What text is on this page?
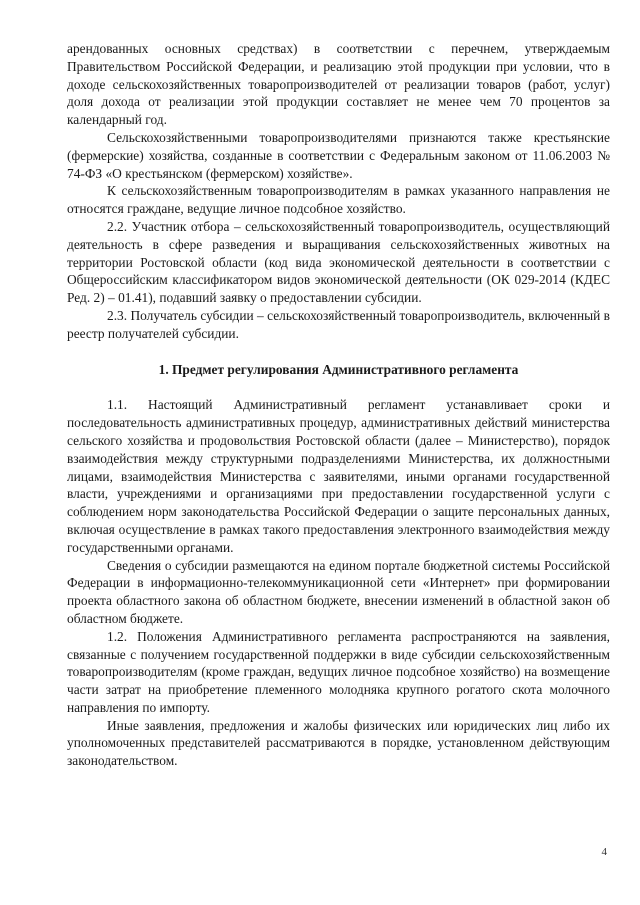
арендованных основных средствах) в соответствии с перечнем, утверждаемым Правительством Российской Федерации, и реализацию этой продукции при условии, что в доходе сельскохозяйственных товаропроизводителей от реализации товаров (работ, услуг) доля дохода от реализации этой продукции составляет не менее чем 70 процентов за календарный год.

Сельскохозяйственными товаропроизводителями признаются также крестьянские (фермерские) хозяйства, созданные в соответствии с Федеральным законом от 11.06.2003 № 74-ФЗ «О крестьянском (фермерском) хозяйстве».

К сельскохозяйственным товаропроизводителям в рамках указанного направления не относятся граждане, ведущие личное подсобное хозяйство.

2.2. Участник отбора – сельскохозяйственный товаропроизводитель, осуществляющий деятельность в сфере разведения и выращивания сельскохозяйственных животных на территории Ростовской области (код вида экономической деятельности в соответствии с Общероссийским классификатором видов экономической деятельности (ОК 029-2014 (КДЕС Ред. 2) – 01.41), подавший заявку о предоставлении субсидии.

2.3. Получатель субсидии – сельскохозяйственный товаропроизводитель, включенный в реестр получателей субсидии.

1. Предмет регулирования Административного регламента

1.1. Настоящий Административный регламент устанавливает сроки и последовательность административных процедур, административных действий министерства сельского хозяйства и продовольствия Ростовской области (далее – Министерство), порядок взаимодействия между структурными подразделениями Министерства, их должностными лицами, взаимодействия Министерства с заявителями, иными органами государственной власти, учреждениями и организациями при предоставлении государственной услуги с соблюдением норм законодательства Российской Федерации о защите персональных данных, включая осуществление в рамках такого предоставления электронного взаимодействия между государственными органами.

Сведения о субсидии размещаются на едином портале бюджетной системы Российской Федерации в информационно-телекоммуникационной сети «Интернет» при формировании проекта областного закона об областном бюджете, внесении изменений в областной закон об областном бюджете.

1.2. Положения Административного регламента распространяются на заявления, связанные с получением государственной поддержки в виде субсидии сельскохозяйственным товаропроизводителям (кроме граждан, ведущих личное подсобное хозяйство) на возмещение части затрат на приобретение племенного молодняка крупного рогатого скота молочного направления по импорту.

Иные заявления, предложения и жалобы физических или юридических лиц либо их уполномоченных представителей рассматриваются в порядке, установленном действующим законодательством.

4
